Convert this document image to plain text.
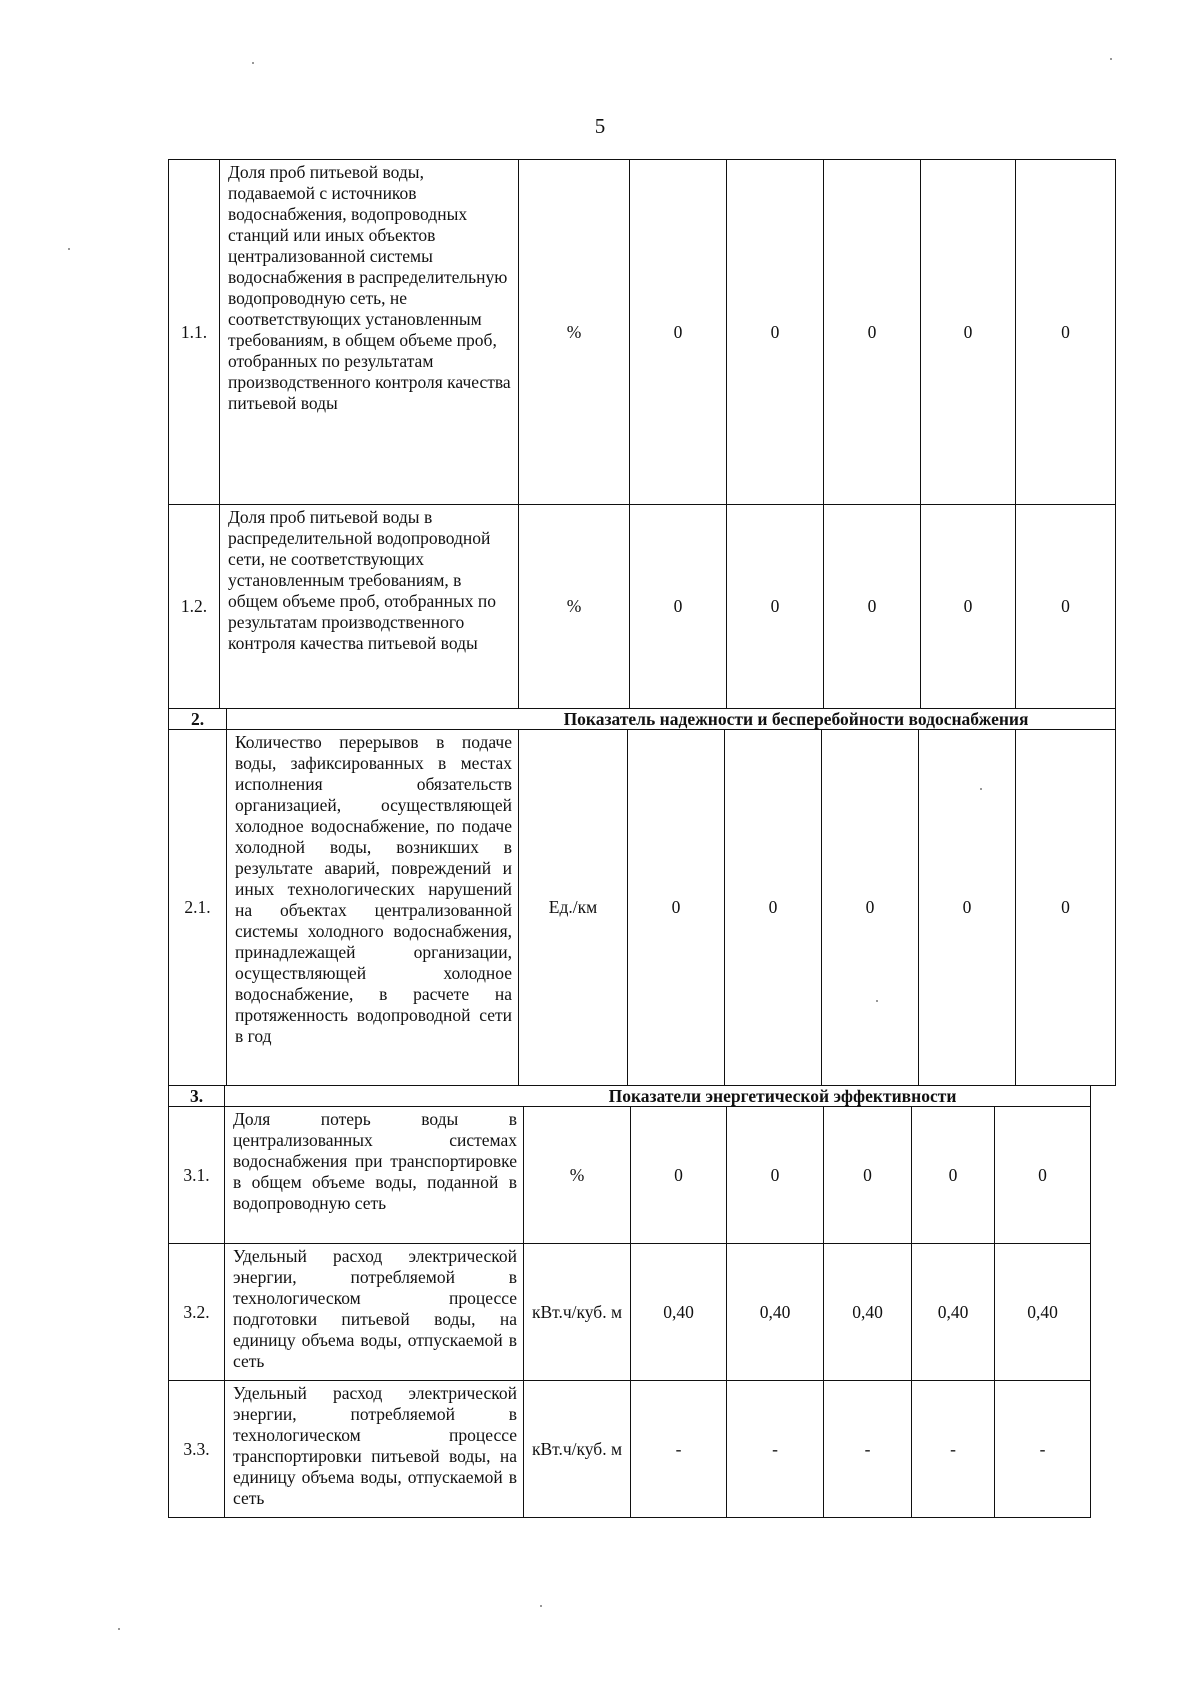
5
1.1.	Доля проб питьевой воды, подаваемой с источников водоснабжения, водопроводных станций или иных объектов централизованной системы водоснабжения в распределительную водопроводную сеть, не соответствующих установленным требованиям, в общем объеме проб, отобранных по результатам производственного контроля качества питьевой воды	%	0	0	0	0	0
1.2.	Доля проб питьевой воды в распределительной водопроводной сети, не соответствующих установленным требованиям, в общем объеме проб, отобранных по результатам производственного контроля качества питьевой воды	%	0	0	0	0	0
2.	Показатель надежности и бесперебойности водоснабжения						
2.1.	Количество перерывов в подаче воды, зафиксированных в местах исполнения обязательств организацией, осуществляющей холодное водоснабжение, по подаче холодной воды, возникших в результате аварий, повреждений и иных технологических нарушений на объектах централизованной системы холодного водоснабжения, принадлежащей организации, осуществляющей холодное водоснабжение, в расчете на протяженность водопроводной сети в год	Ед./км	0	0	0	0	0
3.	Показатели энергетической эффективности						
3.1.	Доля потерь воды в централизованных системах водоснабжения при транспортировке в общем объеме воды, поданной в водопроводную сеть	%	0	0	0	0	0
3.2.	Удельный расход электрической энергии, потребляемой в технологическом процессе подготовки питьевой воды, на единицу объема воды, отпускаемой в сеть	кВт.ч/куб. м	0,40	0,40	0,40	0,40	0,40
3.3.	Удельный расход электрической энергии, потребляемой в технологическом процессе транспортировки питьевой воды, на единицу объема воды, отпускаемой в сеть	кВт.ч/куб. м	-	-	-	-	-
